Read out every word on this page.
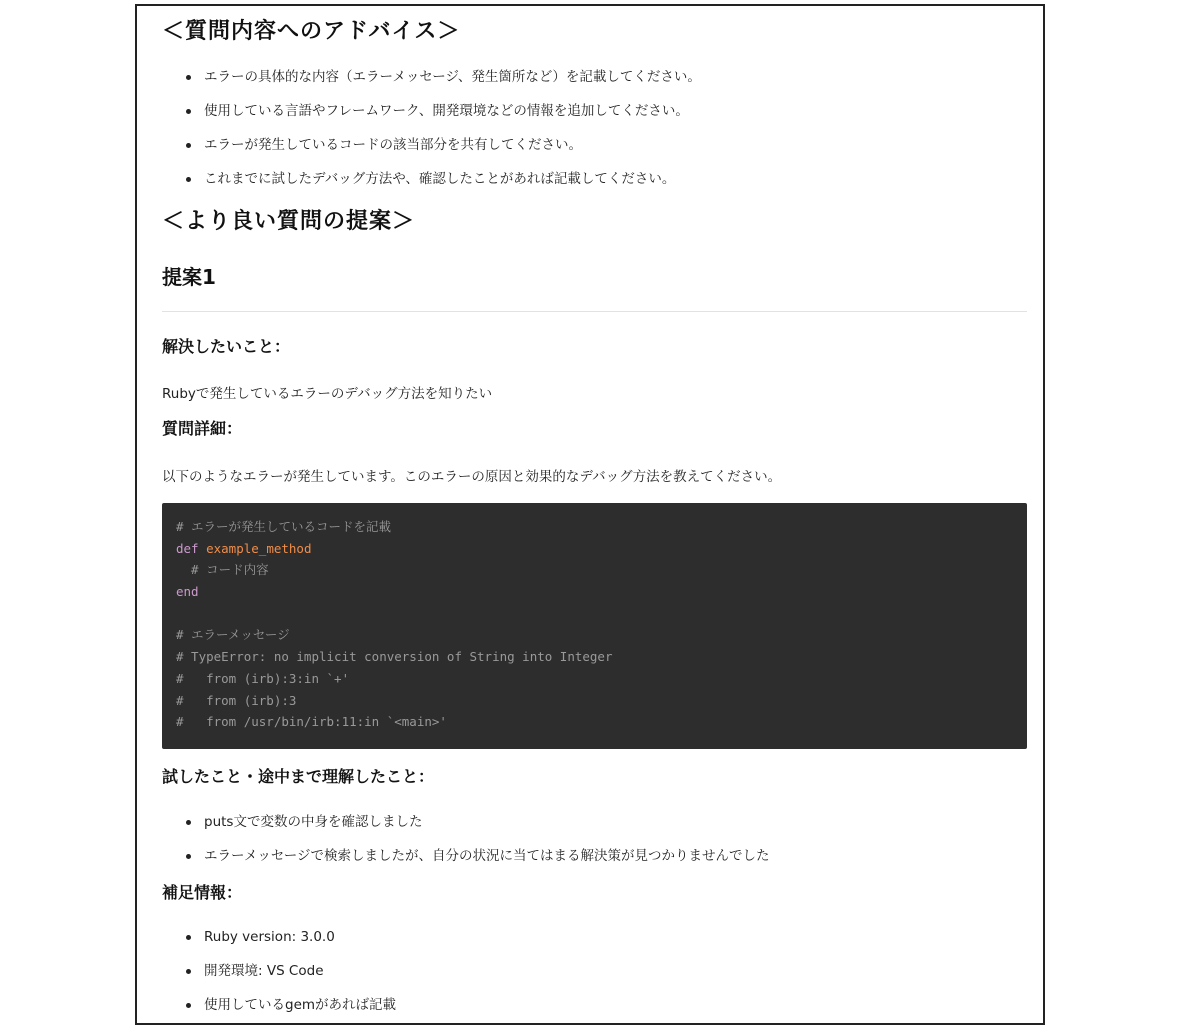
＜質問内容へのアドバイス＞
エラーの具体的な内容（エラーメッセージ、発生箇所など）を記載してください。
使用している言語やフレームワーク、開発環境などの情報を追加してください。
エラーが発生しているコードの該当部分を共有してください。
これまでに試したデバッグ方法や、確認したことがあれば記載してください。
＜より良い質問の提案＞
提案1
解決したいこと：

Rubyで発生しているエラーのデバッグ方法を知りたい

質問詳細：

以下のようなエラーが発生しています。このエラーの原因と効果的なデバッグ方法を教えてください。

# エラーが発生しているコードを記載
def example_method
# コード内容
end
# エラーメッセージ
# TypeError: no implicit conversion of String into Integer
#   from (irb):3:in `+'
#   from (irb):3
#   from /usr/bin/irb:11:in `<main>'
試したこと・途中まで理解したこと：
puts文で変数の中身を確認しました
エラーメッセージで検索しましたが、自分の状況に当てはまる解決策が見つかりませんでした
補足情報：
Ruby version: 3.0.0
開発環境: VS Code
使用しているgemがあれば記載
